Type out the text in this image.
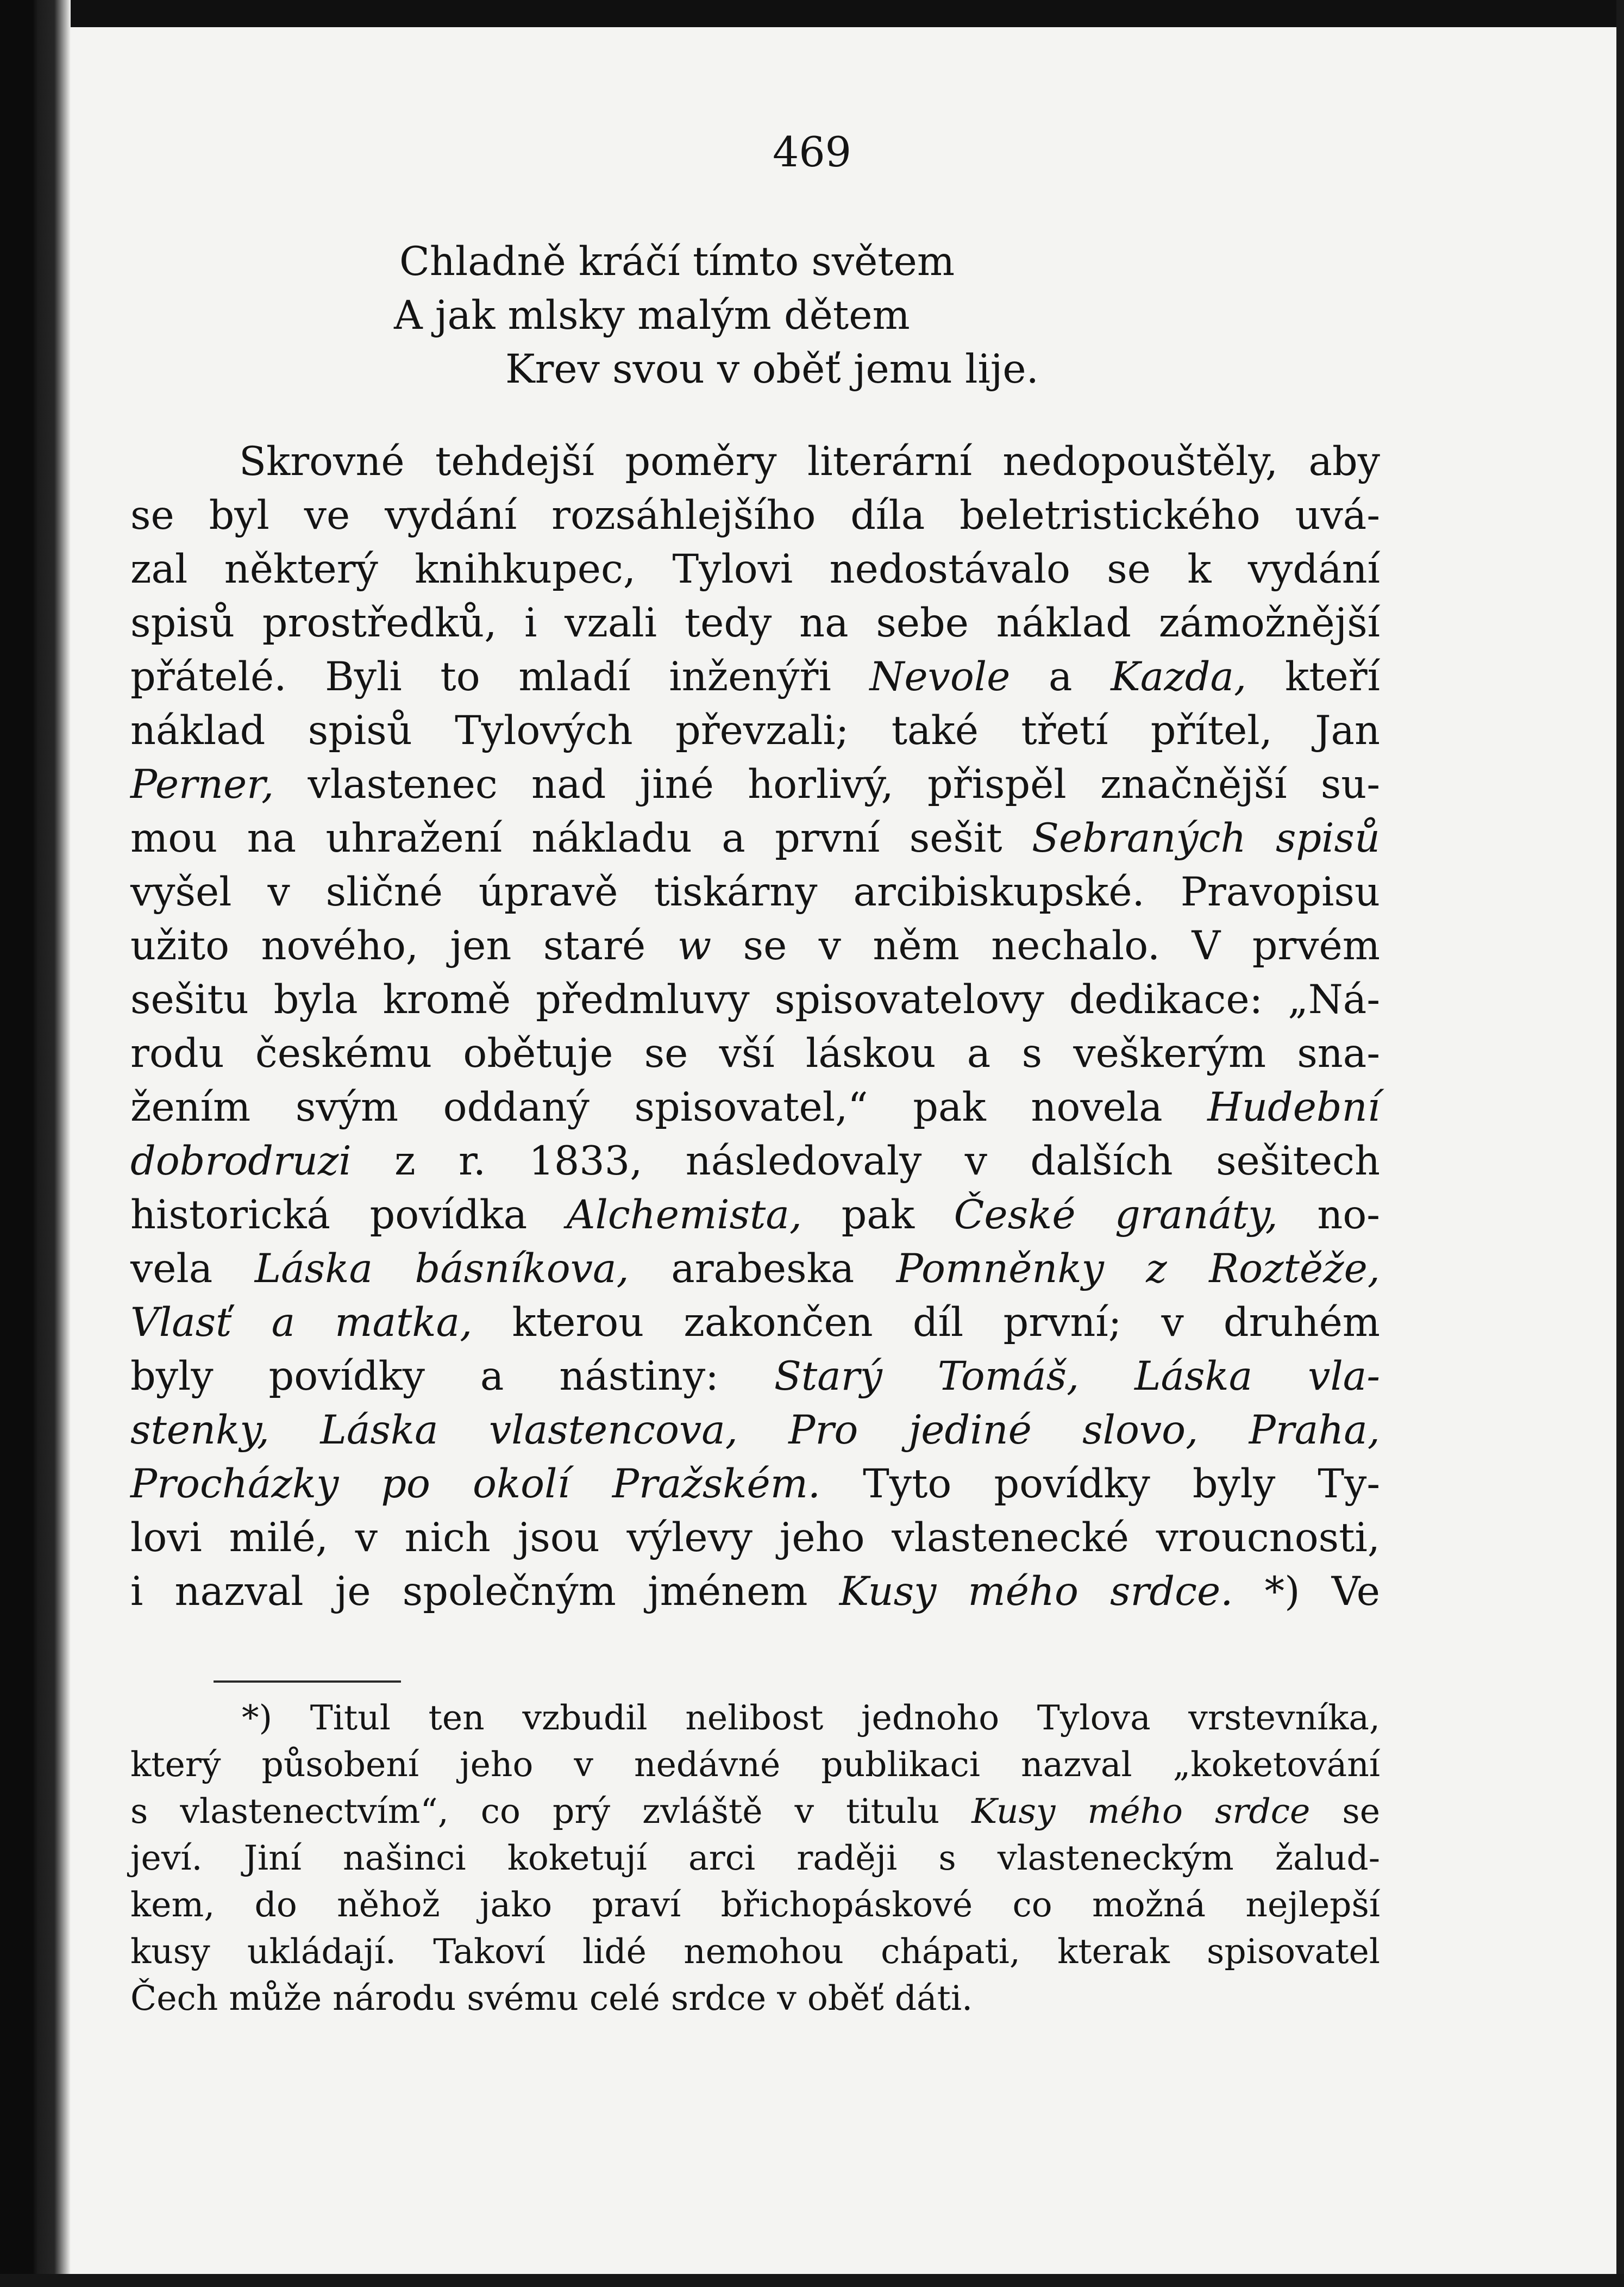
469
Chladně kráčí tímto světem
A jak mlsky malým dětem
Krev svou v oběť jemu lije.
Skrovné tehdejší poměry literární nedopouštěly, aby
se byl ve vydání rozsáhlejšího díla beletristického uvá-
zal některý knihkupec, Tylovi nedostávalo se k vydání
spisů prostředků, i vzali tedy na sebe náklad zámožnější
přátelé. Byli to mladí inženýři Nevole a Kazda, kteří
náklad spisů Tylových převzali; také třetí přítel, Jan
Perner, vlastenec nad jiné horlivý, přispěl značnější su-
mou na uhražení nákladu a první sešit Sebraných spisů
vyšel v sličné úpravě tiskárny arcibiskupské. Pravopisu
užito nového, jen staré w se v něm nechalo. V prvém
sešitu byla kromě předmluvy spisovatelovy dedikace: „Ná-
rodu českému obětuje se vší láskou a s veškerým sna-
žením svým oddaný spisovatel,“ pak novela Hudební
dobrodruzi z r. 1833, následovaly v dalších sešitech
historická povídka Alchemista, pak České granáty, no-
vela Láska básníkova, arabeska Pomněnky z Roztěže,
Vlasť a matka, kterou zakončen díl první; v druhém
byly povídky a nástiny: Starý Tomáš, Láska vla-
stenky, Láska vlastencova, Pro jediné slovo, Praha,
Procházky po okolí Pražském. Tyto povídky byly Ty-
lovi milé, v nich jsou výlevy jeho vlastenecké vroucnosti,
i nazval je společným jménem Kusy mého srdce. *) Ve
*) Titul ten vzbudil nelibost jednoho Tylova vrstevníka,
který působení jeho v nedávné publikaci nazval „koketování
s vlastenectvím“, co prý zvláště v titulu Kusy mého srdce se
jeví. Jiní našinci koketují arci raději s vlasteneckým žalud-
kem, do něhož jako praví břichopáskové co možná nejlepší
kusy ukládají. Takoví lidé nemohou chápati, kterak spisovatel
Čech může národu svému celé srdce v oběť dáti.
